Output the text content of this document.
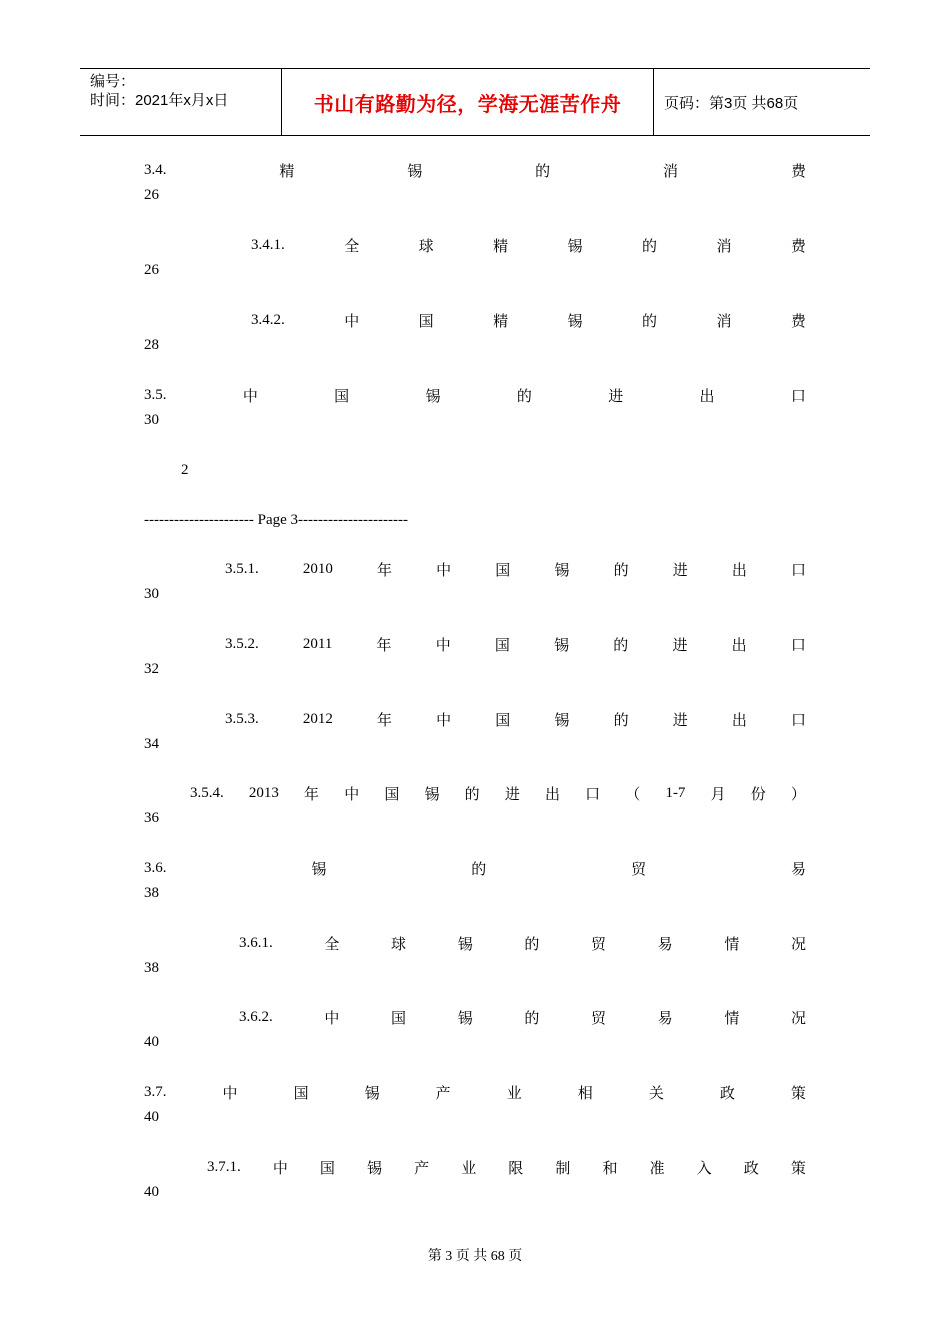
编号：
时间：2021年x月x日	书山有路勤为径，学海无涯苦作舟	页码：第3页 共68页
3.4.	精	锡	的	消	费
26
3.4.1.	全	球	精	锡	的	消	费
26
3.4.2.	中	国	精	锡	的	消	费
28
3.5.	中	国	锡	的	进	出	口
30
3.5.1.	2010	年	中	国	锡	的	进	出	口
30
3.5.2.	2011	年	中	国	锡	的	进	出	口
32
3.5.3.	2012	年	中	国	锡	的	进	出	口
34
3.5.4. 2013 年 中 国 锡 的 进 出 口 （ 1-7 月 份 ）
36
3.6.	锡	的	贸	易
38
3.6.1.	全	球	锡	的	贸	易	情	况
38
3.6.2.	中	国	锡	的	贸	易	情	况
40
3.7.	中	国	锡	产	业	相	关	政	策
40
3.7.1. 中 国 锡 产 业 限 制 和 准 入 政 策
40
2
---------------------- Page 3----------------------
第 3 页 共 68 页
